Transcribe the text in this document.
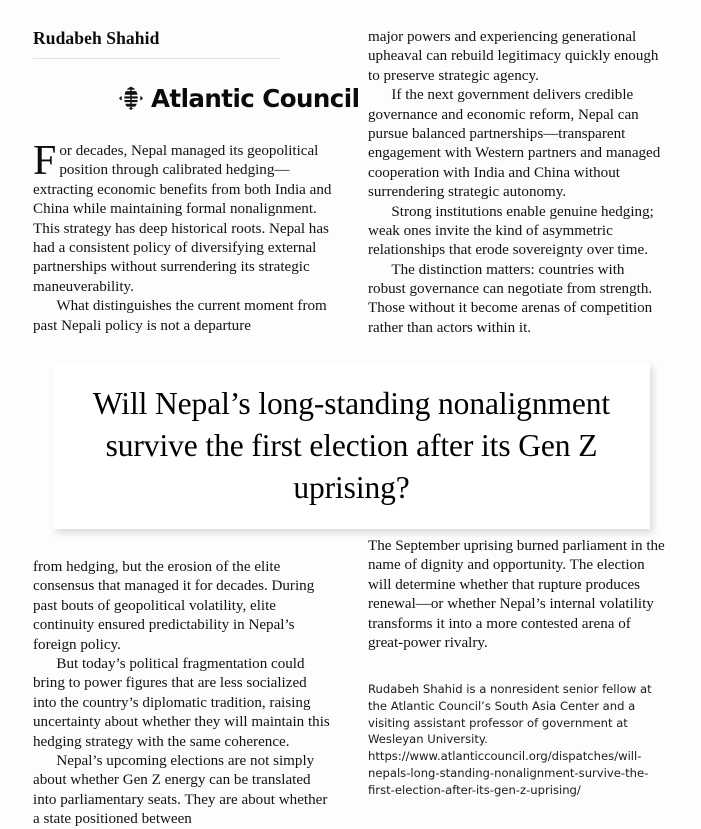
Rudabeh Shahid
Atlantic Council

For decades, Nepal managed its geopolitical position through calibrated hedging—extracting economic benefits from both India and China while maintaining formal nonalignment. This strategy has deep historical roots. Nepal has had a consistent policy of diversifying external partnerships without surrendering its strategic maneuverability.

What distinguishes the current moment from past Nepali policy is not a departure

major powers and experiencing generational upheaval can rebuild legitimacy quickly enough to preserve strategic agency.

If the next government delivers credible governance and economic reform, Nepal can pursue balanced partnerships—transparent engagement with Western partners and managed cooperation with India and China without surrendering strategic autonomy.

Strong institutions enable genuine hedging; weak ones invite the kind of asymmetric relationships that erode sovereignty over time.

The distinction matters: countries with robust governance can negotiate from strength. Those without it become arenas of competition rather than actors within it.

Will Nepal’s long-standing nonalignment survive the first election after its Gen Z uprising?

from hedging, but the erosion of the elite consensus that managed it for decades. During past bouts of geopolitical volatility, elite continuity ensured predictability in Nepal’s foreign policy.

But today’s political fragmentation could bring to power figures that are less socialized into the country’s diplomatic tradition, raising uncertainty about whether they will maintain this hedging strategy with the same coherence.

Nepal’s upcoming elections are not simply about whether Gen Z energy can be translated into parliamentary seats. They are about whether a state positioned between

The September uprising burned parliament in the name of dignity and opportunity. The election will determine whether that rupture produces renewal—or whether Nepal’s internal volatility transforms it into a more contested arena of great-power rivalry.

Rudabeh Shahid is a nonresident senior fellow at the Atlantic Council’s South Asia Center and a visiting assistant professor of government at Wesleyan University.

https://www.atlanticcouncil.org/dispatches/will-nepals-long-standing-nonalignment-survive-the-first-election-after-its-gen-z-uprising/
